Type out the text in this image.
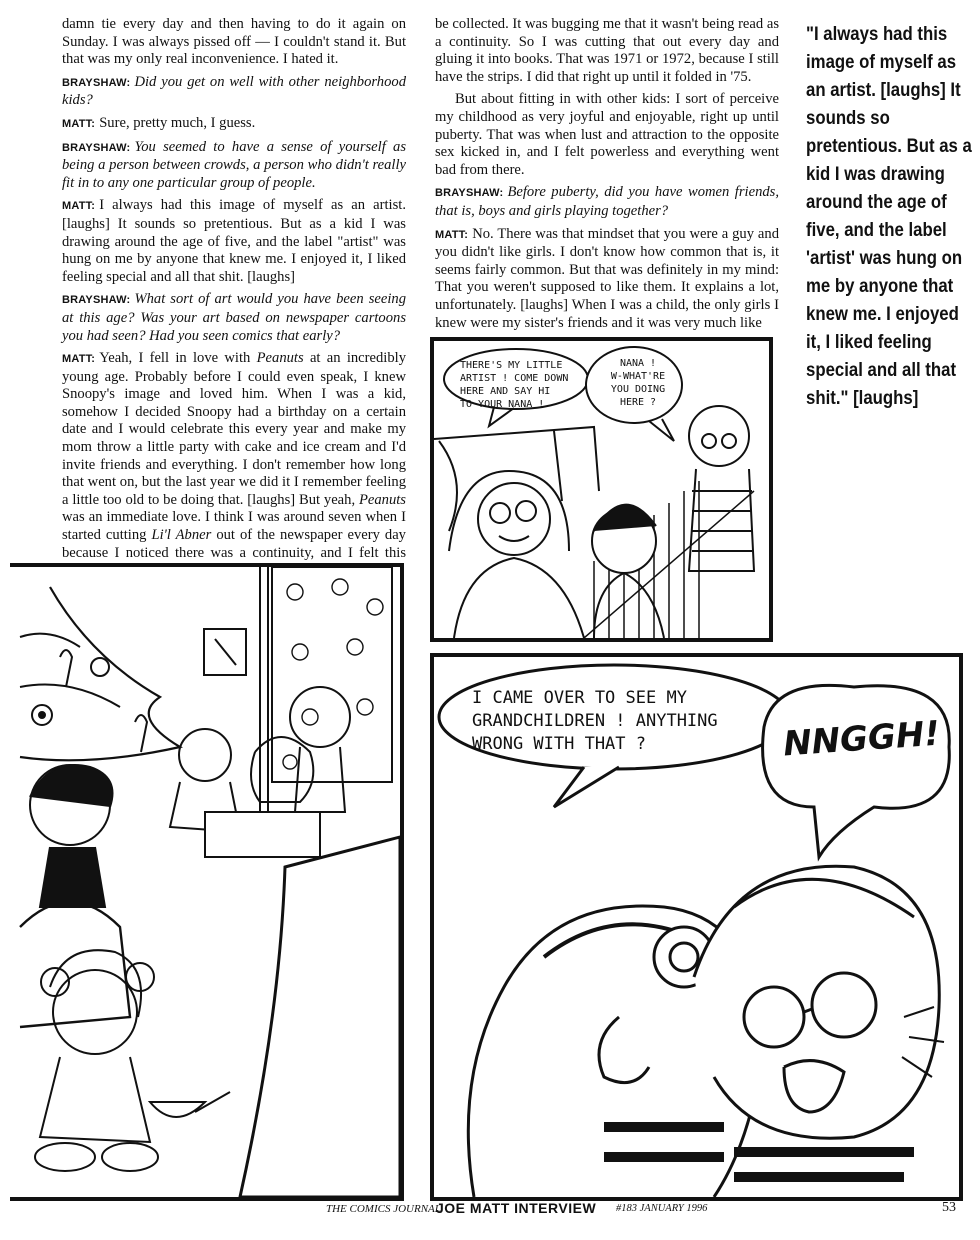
damn tie every day and then having to do it again on Sunday. I was always pissed off — I couldn't stand it. But that was my only real inconvenience. I hated it.

BRAYSHAW: Did you get on well with other neighborhood kids?

MATT: Sure, pretty much, I guess.

BRAYSHAW: You seemed to have a sense of yourself as being a person between crowds, a person who didn't really fit in to any one particular group of people.

MATT: I always had this image of myself as an artist. [laughs] It sounds so pretentious. But as a kid I was drawing around the age of five, and the label "artist" was hung on me by anyone that knew me. I enjoyed it, I liked feeling special and all that shit. [laughs]

BRAYSHAW: What sort of art would you have been seeing at this age? Was your art based on newspaper cartoons you had seen? Had you seen comics that early?

MATT: Yeah, I fell in love with Peanuts at an incredibly young age. Probably before I could even speak, I knew Snoopy's image and loved him. When I was a kid, somehow I decided Snoopy had a birthday on a certain date and I would celebrate this every year and make my mom throw a little party with cake and ice cream and I'd invite friends and everything. I don't remember how long that went on, but the last year we did it I remember feeling a little too old to be doing that. [laughs] But yeah, Peanuts was an immediate love. I think I was around seven when I started cutting Li'l Abner out of the newspaper every day because I noticed there was a continuity, and I felt this

be collected. It was bugging me that it wasn't being read as a continuity. So I was cutting that out every day and gluing it into books. That was 1971 or 1972, because I still have the strips. I did that right up until it folded in '75.

But about fitting in with other kids: I sort of perceive my childhood as very joyful and enjoyable, right up until puberty. That was when lust and attraction to the opposite sex kicked in, and I felt powerless and everything went bad from there.

BRAYSHAW: Before puberty, did you have women friends, that is, boys and girls playing together?

MATT: No. There was that mindset that you were a guy and you didn't like girls. I don't know how common that is, it seems fairly common. But that was definitely in my mind: That you weren't supposed to like them. It explains a lot, unfortunately. [laughs] When I was a child, the only girls I knew were my sister's friends and it was very much like

"I always had this image of myself as an artist. [laughs] It sounds so pretentious. But as a kid I was drawing around the age of five, and the label 'artist' was hung on me by anyone that knew me. I enjoyed it, I liked feeling special and all that shit." [laughs]
THERE'S MY LITTLE
ARTIST ! COME DOWN
HERE AND SAY HI
TO YOUR NANA !
NANA !
W-WHAT'RE
YOU DOING
HERE ?
I CAME OVER TO SEE MY
GRANDCHILDREN ! ANYTHING
WRONG WITH THAT ?	NNGGH!
THE COMICS JOURNAL
JOE MATT INTERVIEW #183 JANUARY 1996	53
